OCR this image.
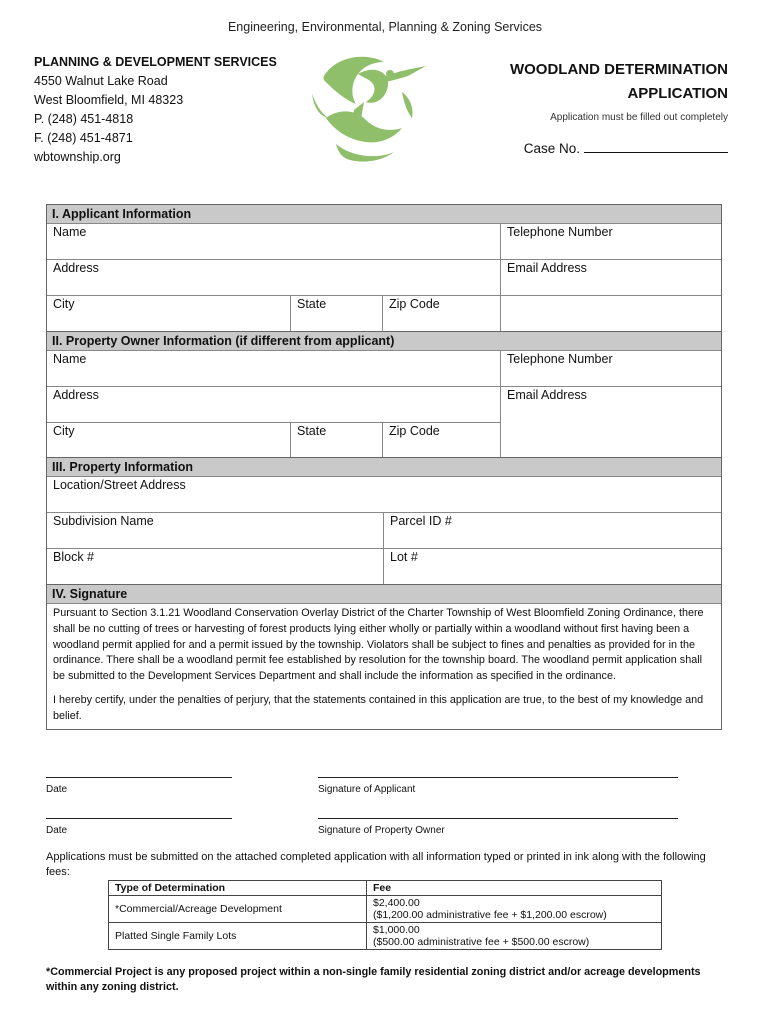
Engineering, Environmental, Planning & Zoning Services
PLANNING & DEVELOPMENT SERVICES
4550 Walnut Lake Road
West Bloomfield, MI 48323
P. (248) 451-4818
F. (248) 451-4871
wbtownship.org
WOODLAND DETERMINATION
APPLICATION
Application must be filled out completely
Case No.
I. Applicant Information
Name	Telephone Number
Address	Email Address
City	State	Zip Code
II. Property Owner Information (if different from applicant)
Name	Telephone Number
Address
City	State	Zip Code
Email Address
III. Property Information
Location/Street Address
Subdivision Name	Parcel ID #
Block #	Lot #
IV. Signature

Pursuant to Section 3.1.21 Woodland Conservation Overlay District of the Charter Township of West Bloomfield Zoning Ordinance, there shall be no cutting of trees or harvesting of forest products lying either wholly or partially within a woodland without first having been a woodland permit applied for and a permit issued by the township. Violators shall be subject to fines and penalties as provided for in the ordinance. There shall be a woodland permit fee established by resolution for the township board. The woodland permit application shall be submitted to the Development Services Department and shall include the information as specified in the ordinance.

I hereby certify, under the penalties of perjury, that the statements contained in this application are true, to the best of my knowledge and belief.

Date	Signature of Applicant
Date	Signature of Property Owner
Applications must be submitted on the attached completed application with all information typed or printed in ink along with the following fees:
Type of Determination	Fee
*Commercial/Acreage Development	$2,400.00
($1,200.00 administrative fee + $1,200.00 escrow)

Platted Single Family Lots	$1,000.00
($500.00 administrative fee + $500.00 escrow)
*Commercial Project is any proposed project within a non-single family residential zoning district and/or acreage developments within any zoning district.
